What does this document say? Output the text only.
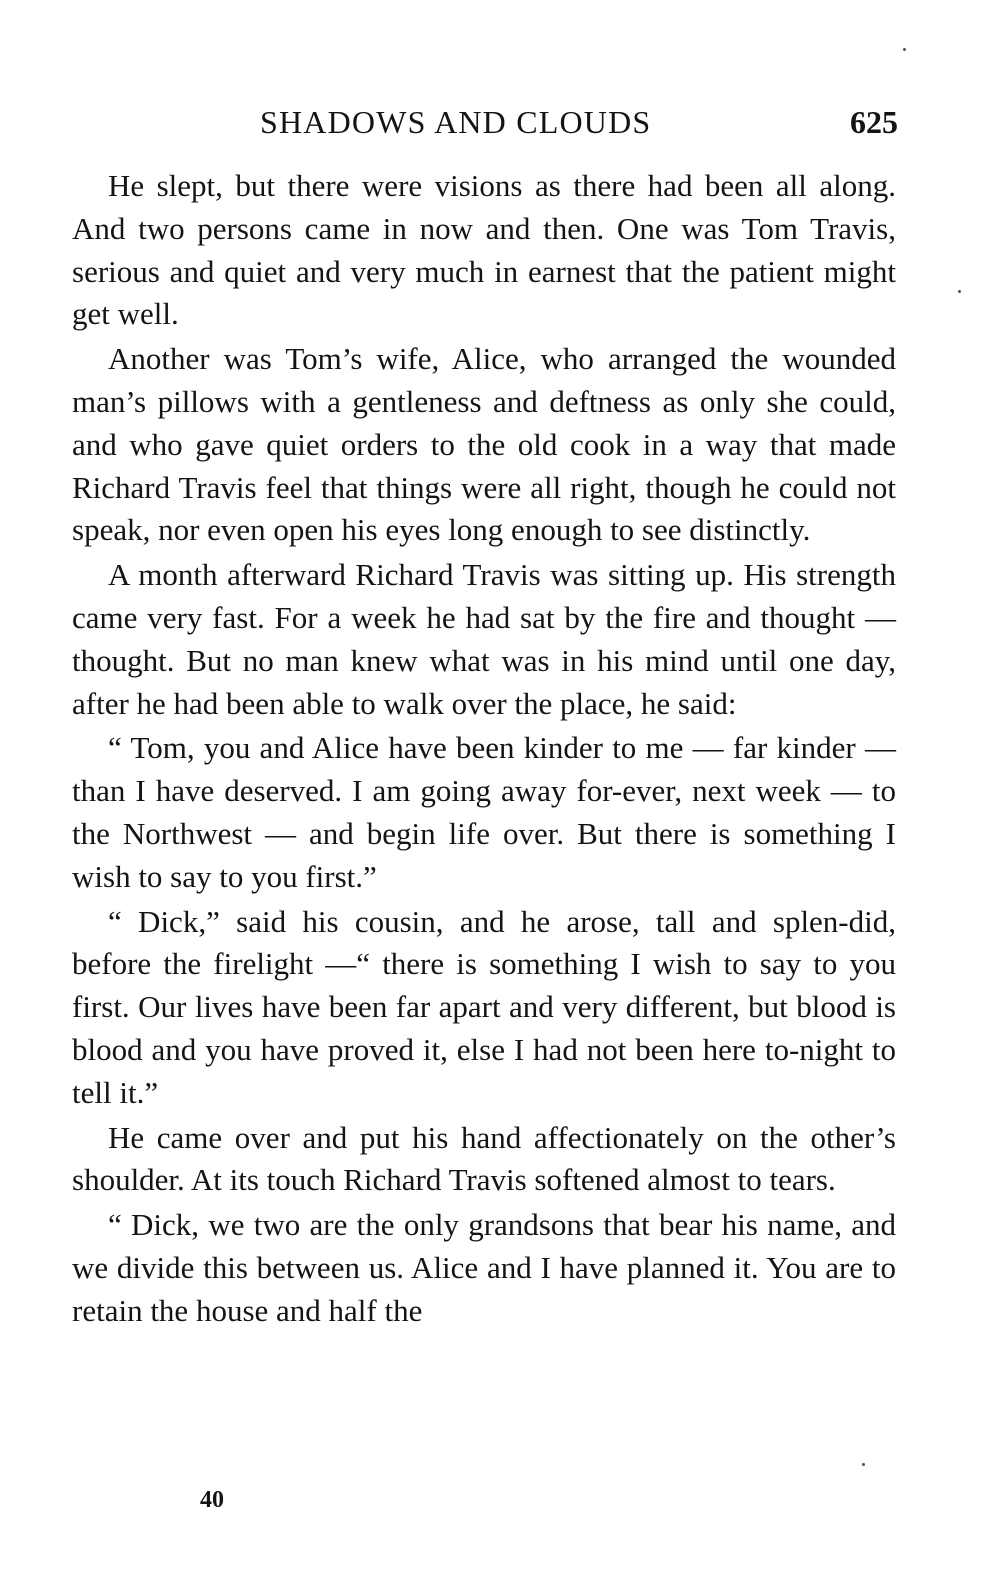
SHADOWS AND CLOUDS	625

He slept, but there were visions as there had been all along. And two persons came in now and then. One was Tom Travis, serious and quiet and very much in earnest that the patient might get well.

Another was Tom’s wife, Alice, who arranged the wounded man’s pillows with a gentleness and deftness as only she could, and who gave quiet orders to the old cook in a way that made Richard Travis feel that things were all right, though he could not speak, nor even open his eyes long enough to see distinctly.

A month afterward Richard Travis was sitting up. His strength came very fast. For a week he had sat by the fire and thought — thought. But no man knew what was in his mind until one day, after he had been able to walk over the place, he said:

“ Tom, you and Alice have been kinder to me — far kinder — than I have deserved. I am going away for-ever, next week — to the Northwest — and begin life over. But there is something I wish to say to you first.”

“ Dick,” said his cousin, and he arose, tall and splen-did, before the firelight —“ there is something I wish to say to you first. Our lives have been far apart and very different, but blood is blood and you have proved it, else I had not been here to-night to tell it.”

He came over and put his hand affectionately on the other’s shoulder. At its touch Richard Travis softened almost to tears.

“ Dick, we two are the only grandsons that bear his name, and we divide this between us. Alice and I have planned it. You are to retain the house and half the

40
